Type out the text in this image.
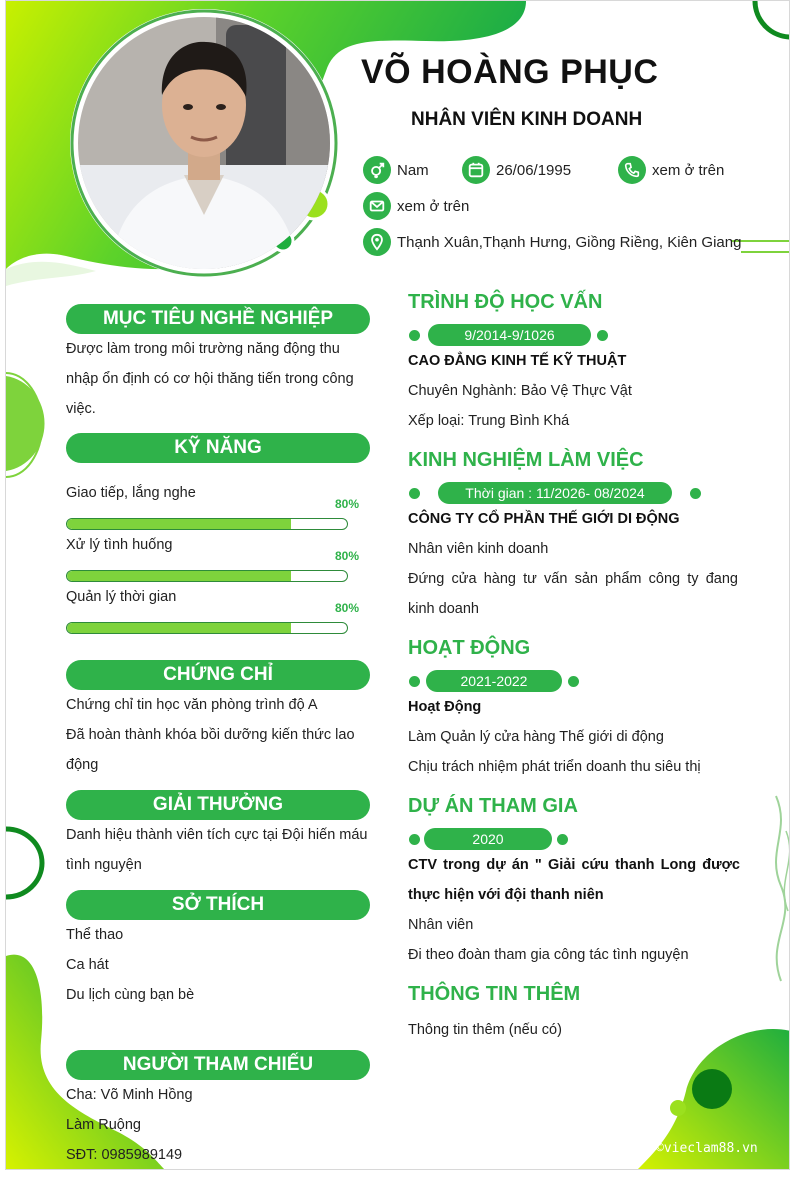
VÕ HOÀNG PHỤC
NHÂN VIÊN KINH DOANH
Nam	26/06/1995	xem ở trên
xem ở trên
Thạnh Xuân,Thạnh Hưng, Giồng Riềng, Kiên Giang
MỤC TIÊU NGHỀ NGHIỆP
Được làm trong môi trường năng động thu nhập ổn định có cơ hội thăng tiến trong công việc.
KỸ NĂNG
Giao tiếp, lắng nghe
80%
Xử lý tình huống
80%
Quản lý thời gian
80%
CHỨNG CHỈ
Chứng chỉ tin học văn phòng trình độ A
Đã hoàn thành khóa bồi dưỡng kiến thức lao động
GIẢI THƯỞNG
Danh hiệu thành viên tích cực tại Đội hiến máu tình nguyện
SỞ THÍCH
Thể thao
Ca hát
Du lịch cùng bạn bè
NGƯỜI THAM CHIẾU
Cha: Võ Minh Hồng
Làm Ruộng
SĐT: 0985989149
TRÌNH ĐỘ HỌC VẤN
9/2014-9/1026
CAO ĐẲNG KINH TẾ KỸ THUẬT
Chuyên Nghành: Bảo Vệ Thực Vật
Xếp loại: Trung Bình Khá
KINH NGHIỆM LÀM VIỆC
Thời gian : 11/2026- 08/2024
CÔNG TY CỔ PHẦN THẾ GIỚI DI ĐỘNG
Nhân viên kinh doanh
Đứng cửa hàng tư vấn sản phẩm công ty đang kinh doanh
HOẠT ĐỘNG
2021-2022
Hoạt Động
Làm Quản lý cửa hàng Thế giới di động
Chịu trách nhiệm phát triển doanh thu siêu thị
DỰ ÁN THAM GIA
2020
CTV trong dự án " Giải cứu thanh Long được thực hiện với đội thanh niên
Nhân viên
Đi theo đoàn tham gia công tác tình nguyện
THÔNG TIN THÊM
Thông tin thêm (nếu có)
©vieclam88.vn
